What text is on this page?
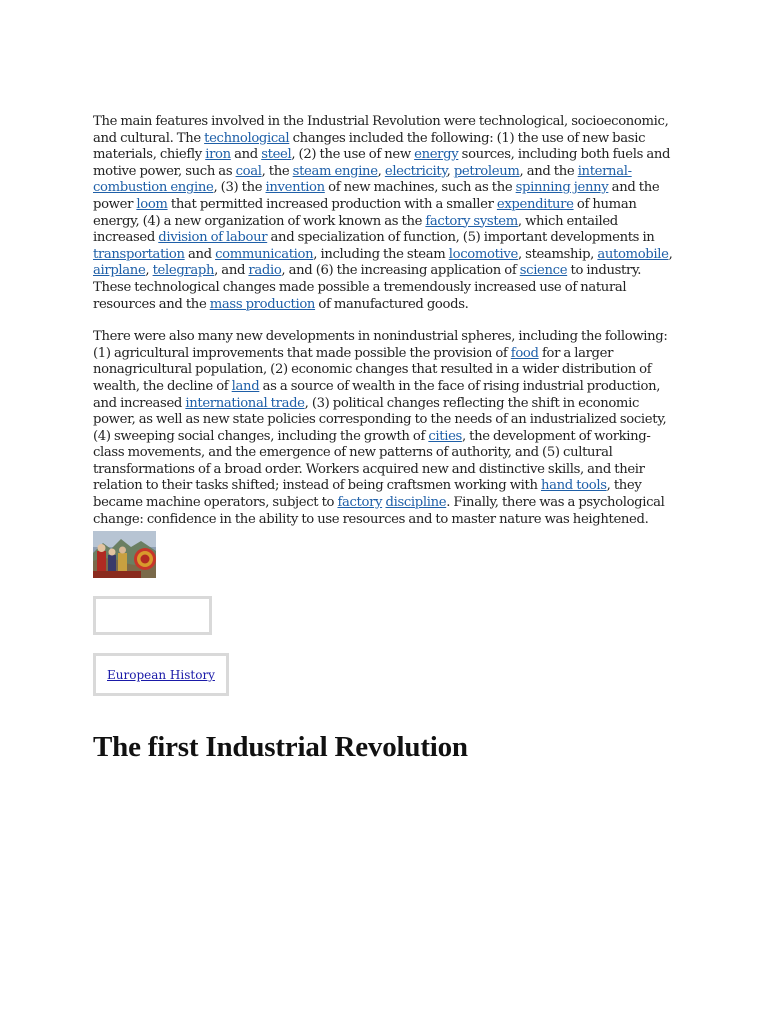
The main features involved in the Industrial Revolution were technological, socioeconomic, and cultural. The technological changes included the following: (1) the use of new basic materials, chiefly iron and steel, (2) the use of new energy sources, including both fuels and motive power, such as coal, the steam engine, electricity, petroleum, and the internal-combustion engine, (3) the invention of new machines, such as the spinning jenny and the power loom that permitted increased production with a smaller expenditure of human energy, (4) a new organization of work known as the factory system, which entailed increased division of labour and specialization of function, (5) important developments in transportation and communication, including the steam locomotive, steamship, automobile, airplane, telegraph, and radio, and (6) the increasing application of science to industry. These technological changes made possible a tremendously increased use of natural resources and the mass production of manufactured goods.

There were also many new developments in nonindustrial spheres, including the following: (1) agricultural improvements that made possible the provision of food for a larger nonagricultural population, (2) economic changes that resulted in a wider distribution of wealth, the decline of land as a source of wealth in the face of rising industrial production, and increased international trade, (3) political changes reflecting the shift in economic power, as well as new state policies corresponding to the needs of an industrialized society, (4) sweeping social changes, including the growth of cities, the development of working-class movements, and the emergence of new patterns of authority, and (5) cultural transformations of a broad order. Workers acquired new and distinctive skills, and their relation to their tasks shifted; instead of being craftsmen working with hand tools, they became machine operators, subject to factory discipline. Finally, there was a psychological change: confidence in the ability to use resources and to master nature was heightened.

European History
The first Industrial Revolution
